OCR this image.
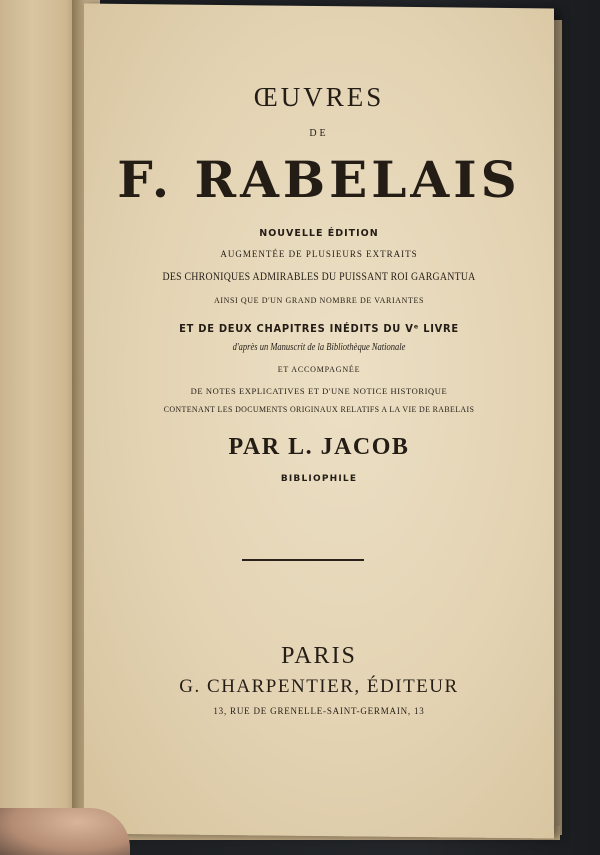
ŒUVRES
DE
F. RABELAIS
NOUVELLE ÉDITION
AUGMENTÉE DE PLUSIEURS EXTRAITS
DES CHRONIQUES ADMIRABLES DU PUISSANT ROI GARGANTUA
AINSI QUE D'UN GRAND NOMBRE DE VARIANTES
ET DE DEUX CHAPITRES INÉDITS DU Vᵉ LIVRE
d'après un Manuscrit de la Bibliothèque Nationale
ET ACCOMPAGNÉE
DE NOTES EXPLICATIVES ET D'UNE NOTICE HISTORIQUE
CONTENANT LES DOCUMENTS ORIGINAUX RELATIFS A LA VIE DE RABELAIS
PAR L. JACOB
BIBLIOPHILE
PARIS
G. CHARPENTIER, ÉDITEUR
13, RUE DE GRENELLE-SAINT-GERMAIN, 13
